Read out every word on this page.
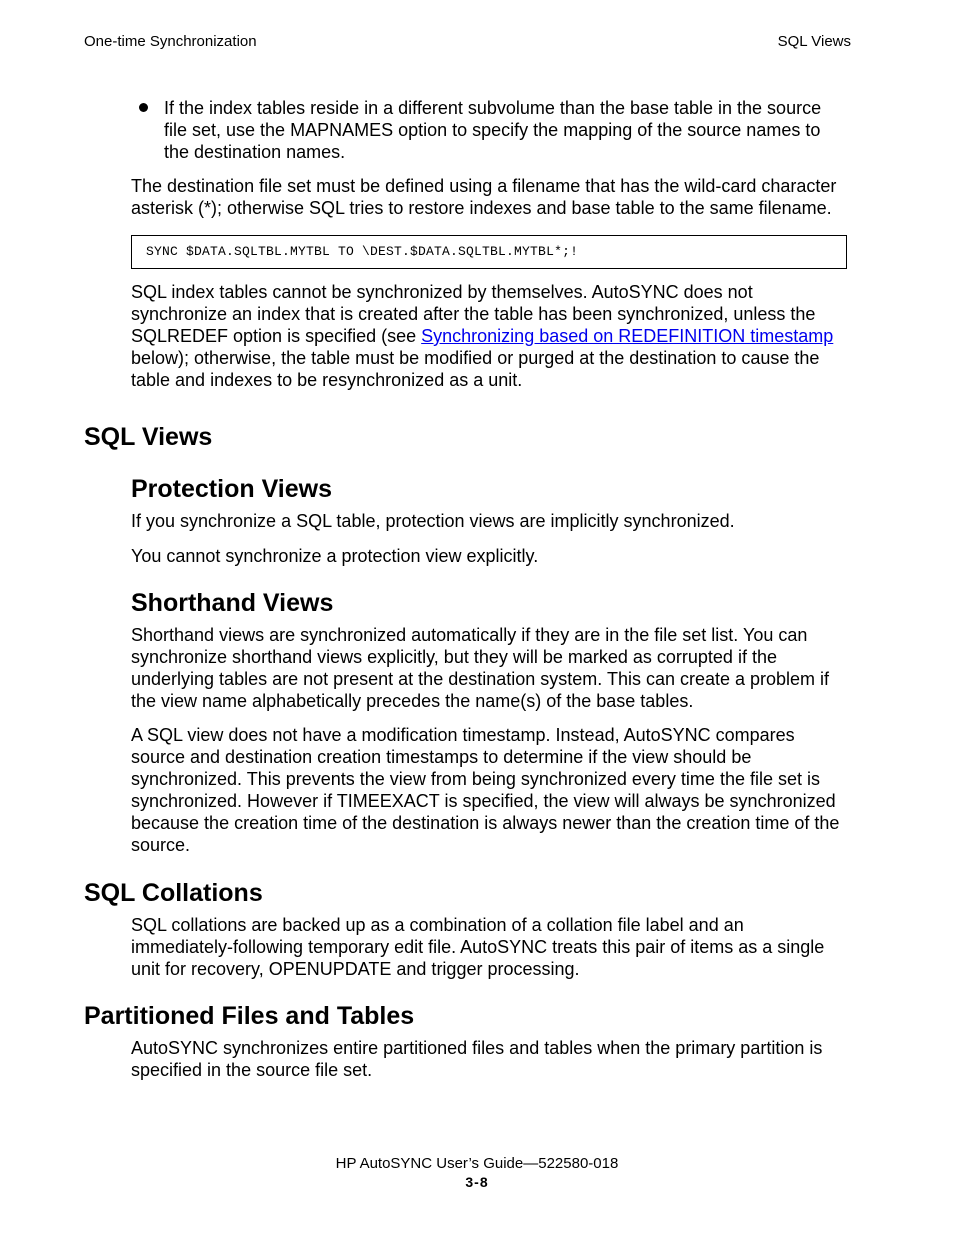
One-time Synchronization	SQL Views
If the index tables reside in a different subvolume than the base table in the source file set, use the MAPNAMES option to specify the mapping of the source names to the destination names.

The destination file set must be defined using a filename that has the wild-card character asterisk (*); otherwise SQL tries to restore indexes and base table to the same filename.

SYNC $DATA.SQLTBL.MYTBL TO \DEST.$DATA.SQLTBL.MYTBL*;!

SQL index tables cannot be synchronized by themselves. AutoSYNC does not synchronize an index that is created after the table has been synchronized, unless the SQLREDEF option is specified (see Synchronizing based on REDEFINITION timestamp below); otherwise, the table must be modified or purged at the destination to cause the table and indexes to be resynchronized as a unit.

SQL Views
Protection Views

If you synchronize a SQL table, protection views are implicitly synchronized.

You cannot synchronize a protection view explicitly.

Shorthand Views

Shorthand views are synchronized automatically if they are in the file set list. You can synchronize shorthand views explicitly, but they will be marked as corrupted if the underlying tables are not present at the destination system. This can create a problem if the view name alphabetically precedes the name(s) of the base tables.

A SQL view does not have a modification timestamp. Instead, AutoSYNC compares source and destination creation timestamps to determine if the view should be synchronized. This prevents the view from being synchronized every time the file set is synchronized. However if TIMEEXACT is specified, the view will always be synchronized because the creation time of the destination is always newer than the creation time of the source.

SQL Collations

SQL collations are backed up as a combination of a collation file label and an immediately-following temporary edit file. AutoSYNC treats this pair of items as a single unit for recovery, OPENUPDATE and trigger processing.

Partitioned Files and Tables

AutoSYNC synchronizes entire partitioned files and tables when the primary partition is specified in the source file set.

HP AutoSYNC User’s Guide—522580-018
3-8
